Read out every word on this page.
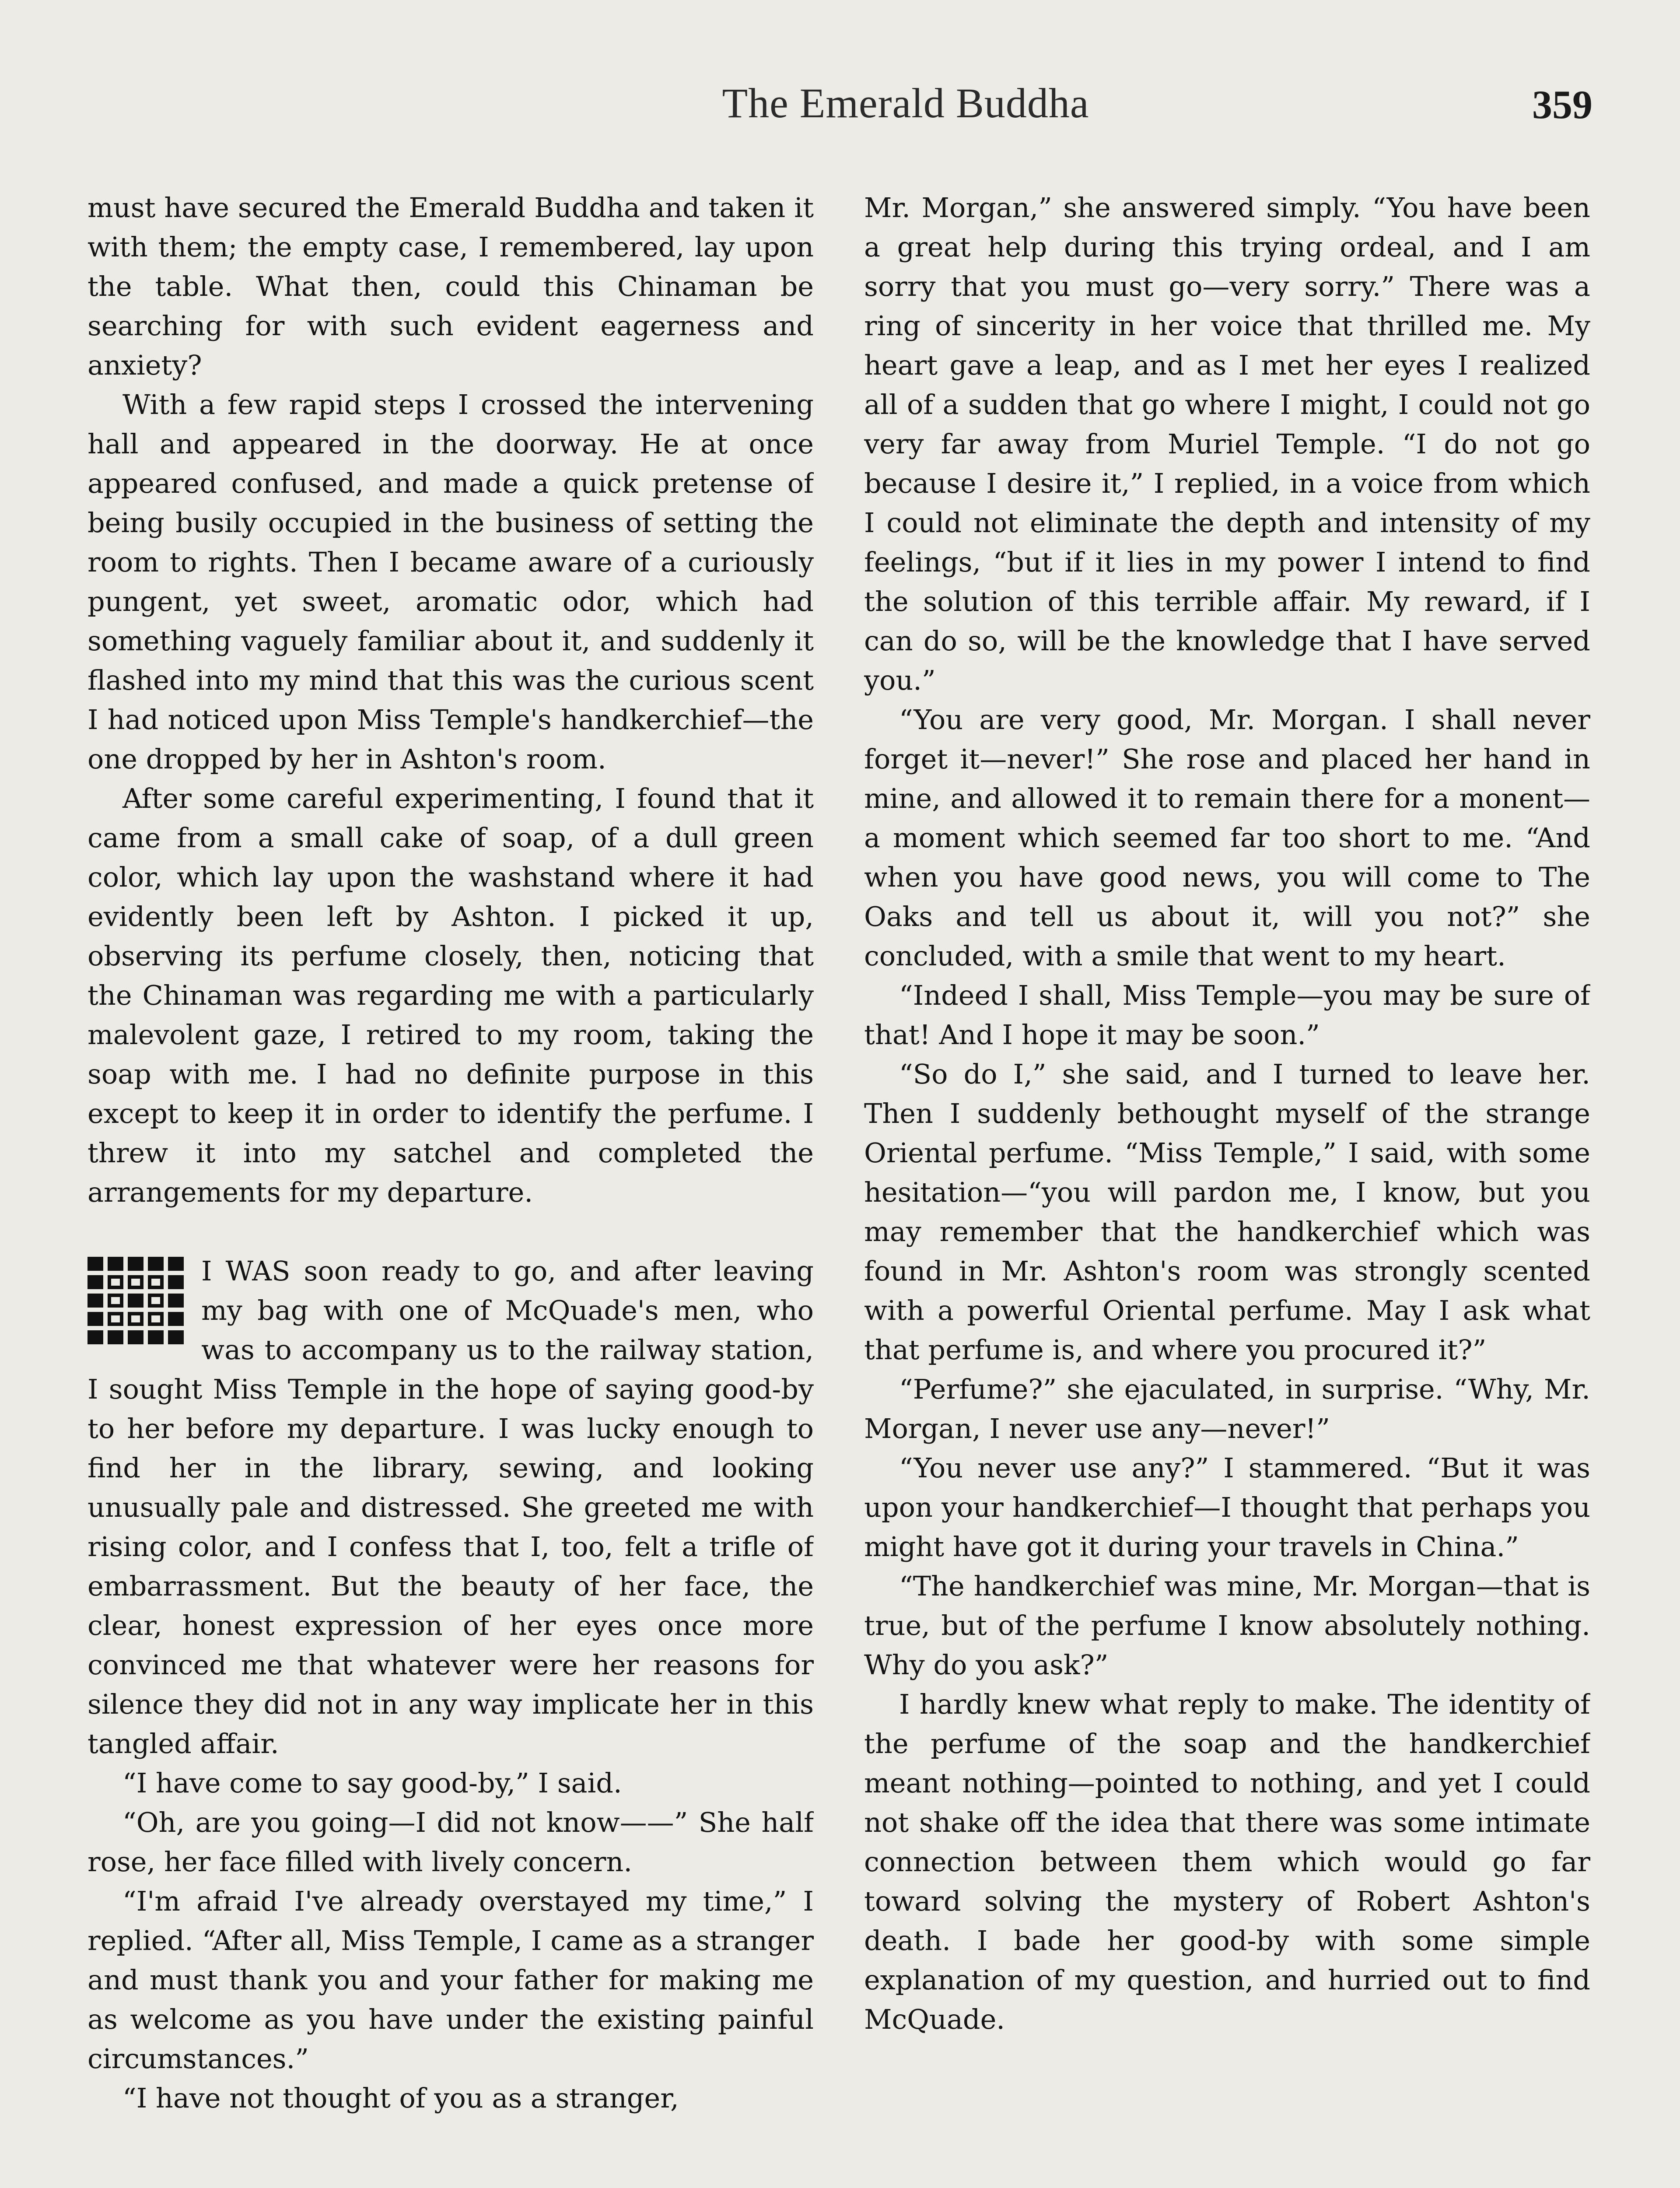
The Emerald Buddha	359

must have secured the Emerald Buddha and taken it with them; the empty case, I remembered, lay upon the table. What then, could this Chinaman be searching for with such evident eagerness and anxiety?

With a few rapid steps I crossed the intervening hall and appeared in the doorway. He at once appeared confused, and made a quick pretense of being busily occupied in the business of setting the room to rights. Then I became aware of a curiously pungent, yet sweet, aromatic odor, which had something vaguely familiar about it, and suddenly it flashed into my mind that this was the curious scent I had noticed upon Miss Temple's handkerchief—the one dropped by her in Ashton's room.

After some careful experimenting, I found that it came from a small cake of soap, of a dull green color, which lay upon the washstand where it had evidently been left by Ashton. I picked it up, observing its perfume closely, then, noticing that the Chinaman was regarding me with a particularly malevolent gaze, I retired to my room, taking the soap with me. I had no definite purpose in this except to keep it in order to identify the perfume. I threw it into my satchel and completed the arrangements for my departure.

I WAS soon ready to go, and after leaving my bag with one of McQuade's men, who was to accompany us to the railway station, I sought Miss Temple in the hope of saying good-by to her before my departure. I was lucky enough to find her in the library, sewing, and looking unusually pale and distressed. She greeted me with rising color, and I confess that I, too, felt a trifle of embarrassment. But the beauty of her face, the clear, honest expression of her eyes once more convinced me that whatever were her reasons for silence they did not in any way implicate her in this tangled affair.

“I have come to say good-by,” I said.

“Oh, are you going—I did not know——” She half rose, her face filled with lively concern.

“I'm afraid I've already overstayed my time,” I replied. “After all, Miss Temple, I came as a stranger and must thank you and your father for making me as welcome as you have under the existing painful circumstances.”

“I have not thought of you as a stranger,

Mr. Morgan,” she answered simply. “You have been a great help during this trying ordeal, and I am sorry that you must go—very sorry.” There was a ring of sincerity in her voice that thrilled me. My heart gave a leap, and as I met her eyes I realized all of a sudden that go where I might, I could not go very far away from Muriel Temple. “I do not go because I desire it,” I replied, in a voice from which I could not eliminate the depth and intensity of my feelings, “but if it lies in my power I intend to find the solution of this terrible affair. My reward, if I can do so, will be the knowledge that I have served you.”

“You are very good, Mr. Morgan. I shall never forget it—never!” She rose and placed her hand in mine, and allowed it to remain there for a monent—a moment which seemed far too short to me. “And when you have good news, you will come to The Oaks and tell us about it, will you not?” she concluded, with a smile that went to my heart.

“Indeed I shall, Miss Temple—you may be sure of that! And I hope it may be soon.”

“So do I,” she said, and I turned to leave her. Then I suddenly bethought myself of the strange Oriental perfume. “Miss Temple,” I said, with some hesitation—“you will pardon me, I know, but you may remember that the handkerchief which was found in Mr. Ashton's room was strongly scented with a powerful Oriental perfume. May I ask what that perfume is, and where you procured it?”

“Perfume?” she ejaculated, in surprise. “Why, Mr. Morgan, I never use any—never!”

“You never use any?” I stammered. “But it was upon your handkerchief—I thought that perhaps you might have got it during your travels in China.”

“The handkerchief was mine, Mr. Morgan—that is true, but of the perfume I know absolutely nothing. Why do you ask?”

I hardly knew what reply to make. The identity of the perfume of the soap and the handkerchief meant nothing—pointed to nothing, and yet I could not shake off the idea that there was some intimate connection between them which would go far toward solving the mystery of Robert Ashton's death. I bade her good-by with some simple explanation of my question, and hurried out to find McQuade.
